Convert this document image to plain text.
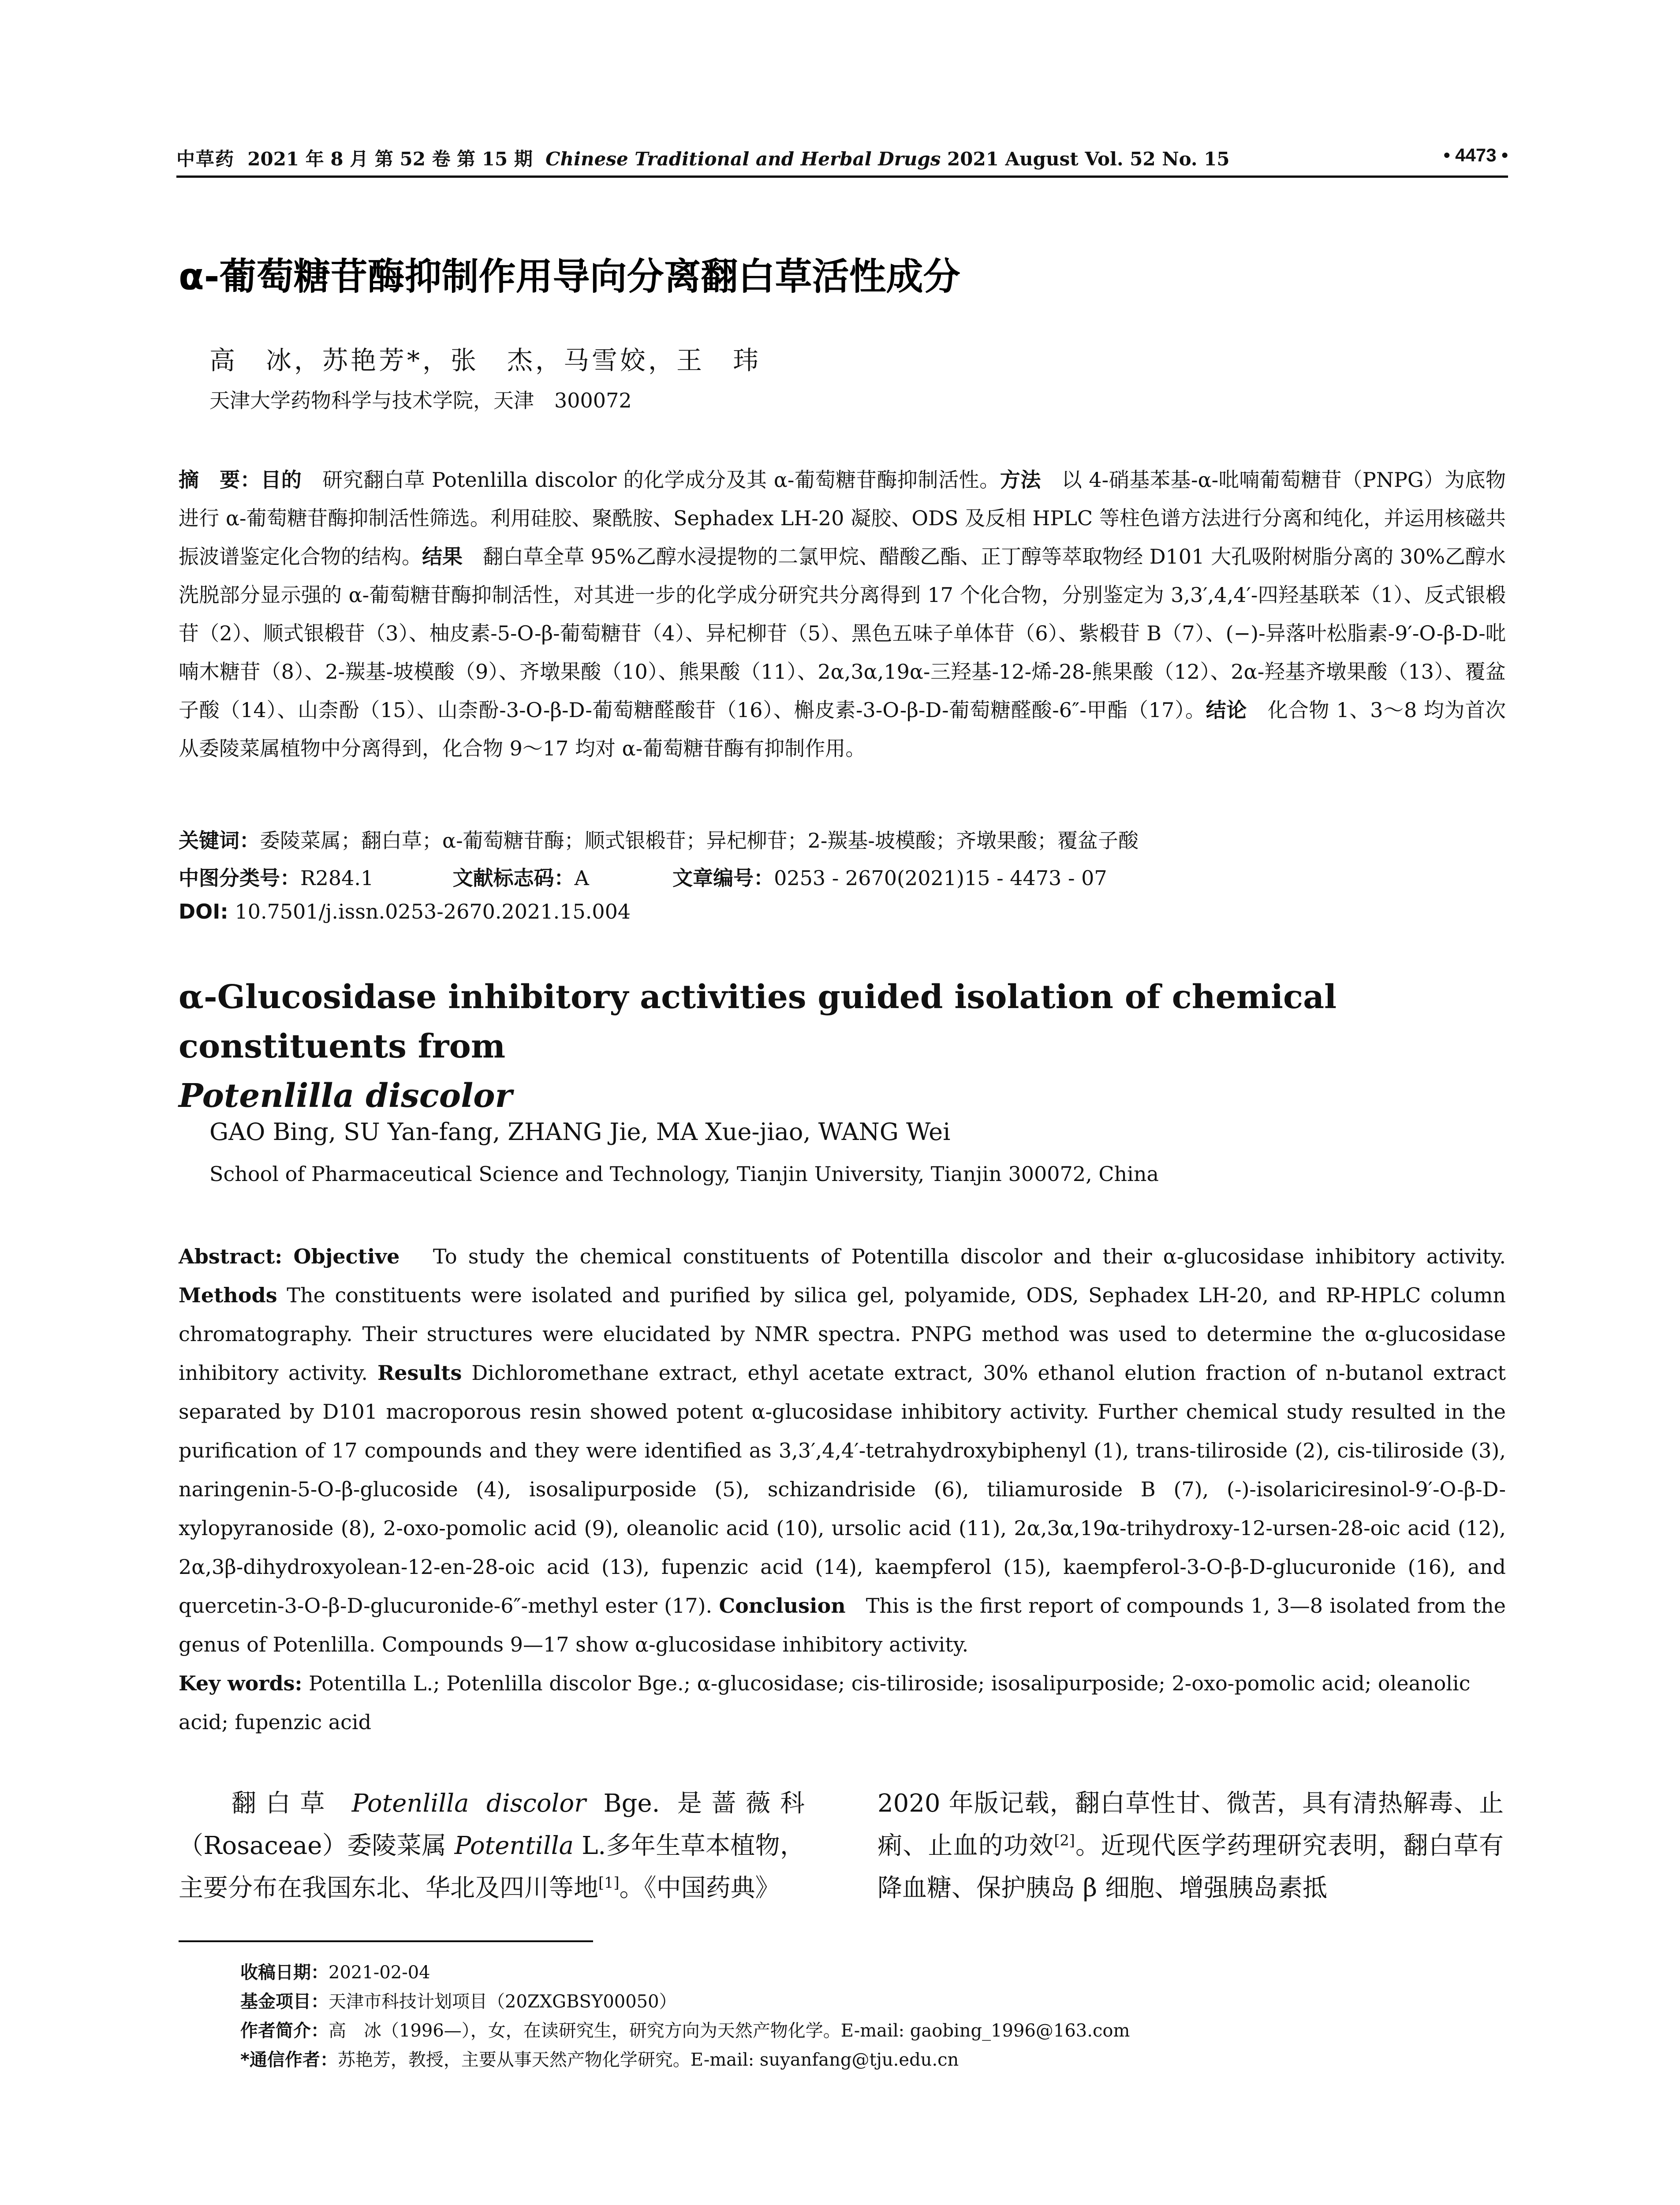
中草药 2021 年 8 月 第 52 卷 第 15 期 Chinese Traditional and Herbal Drugs 2021 August Vol. 52 No. 15	• 4473 •
α-葡萄糖苷酶抑制作用导向分离翻白草活性成分
高　冰，苏艳芳*，张　杰，马雪姣，王　玮
天津大学药物科学与技术学院，天津　300072
摘　要：目的　研究翻白草 Potenlilla discolor 的化学成分及其 α-葡萄糖苷酶抑制活性。方法　以 4-硝基苯基-α-吡喃葡萄糖苷（PNPG）为底物进行 α-葡萄糖苷酶抑制活性筛选。利用硅胶、聚酰胺、Sephadex LH-20 凝胶、ODS 及反相 HPLC 等柱色谱方法进行分离和纯化，并运用核磁共振波谱鉴定化合物的结构。结果　翻白草全草 95%乙醇水浸提物的二氯甲烷、醋酸乙酯、正丁醇等萃取物经 D101 大孔吸附树脂分离的 30%乙醇水洗脱部分显示强的 α-葡萄糖苷酶抑制活性，对其进一步的化学成分研究共分离得到 17 个化合物，分别鉴定为 3,3′,4,4′-四羟基联苯（1）、反式银椴苷（2）、顺式银椴苷（3）、柚皮素-5-O-β-葡萄糖苷（4）、异杞柳苷（5）、黑色五味子单体苷（6）、紫椴苷 B（7）、(−)-异落叶松脂素-9′-O-β-D-吡喃木糖苷（8）、2-羰基-坡模酸（9）、齐墩果酸（10）、熊果酸（11）、2α,3α,19α-三羟基-12-烯-28-熊果酸（12）、2α-羟基齐墩果酸（13）、覆盆子酸（14）、山柰酚（15）、山柰酚-3-O-β-D-葡萄糖醛酸苷（16）、槲皮素-3-O-β-D-葡萄糖醛酸-6″-甲酯（17）。结论　化合物 1、3～8 均为首次从委陵菜属植物中分离得到，化合物 9～17 均对 α-葡萄糖苷酶有抑制作用。
关键词：委陵菜属；翻白草；α-葡萄糖苷酶；顺式银椴苷；异杞柳苷；2-羰基-坡模酸；齐墩果酸；覆盆子酸
中图分类号：R284.1	文献标志码：A	文章编号：0253 - 2670(2021)15 - 4473 - 07
DOI: 10.7501/j.issn.0253-2670.2021.15.004
α-Glucosidase inhibitory activities guided isolation of chemical constituents from
Potenlilla discolor
GAO Bing, SU Yan-fang, ZHANG Jie, MA Xue-jiao, WANG Wei
School of Pharmaceutical Science and Technology, Tianjin University, Tianjin 300072, China
Abstract: Objective To study the chemical constituents of Potentilla discolor and their α-glucosidase inhibitory activity. Methods The constituents were isolated and purified by silica gel, polyamide, ODS, Sephadex LH-20, and RP-HPLC column chromatography. Their structures were elucidated by NMR spectra. PNPG method was used to determine the α-glucosidase inhibitory activity. Results Dichloromethane extract, ethyl acetate extract, 30% ethanol elution fraction of n-butanol extract separated by D101 macroporous resin showed potent α-glucosidase inhibitory activity. Further chemical study resulted in the purification of 17 compounds and they were identified as 3,3′,4,4′-tetrahydroxybiphenyl (1), trans-tiliroside (2), cis-tiliroside (3), naringenin-5-O-β-glucoside (4), isosalipurposide (5), schizandriside (6), tiliamuroside B (7), (-)-isolariciresinol-9′-O-β-D-xylopyranoside (8), 2-oxo-pomolic acid (9), oleanolic acid (10), ursolic acid (11), 2α,3α,19α-trihydroxy-12-ursen-28-oic acid (12), 2α,3β-dihydroxyolean-12-en-28-oic acid (13), fupenzic acid (14), kaempferol (15), kaempferol-3-O-β-D-glucuronide (16), and quercetin-3-O-β-D-glucuronide-6″-methyl ester (17). Conclusion This is the first report of compounds 1, 3—8 isolated from the genus of Potenlilla. Compounds 9—17 show α-glucosidase inhibitory activity.
Key words: Potentilla L.; Potenlilla discolor Bge.; α-glucosidase; cis-tiliroside; isosalipurposide; 2-oxo-pomolic acid; oleanolic acid; fupenzic acid
翻白草 Potenlilla discolor Bge. 是蔷薇科（Rosaceae）委陵菜属 Potentilla L.多年生草本植物，主要分布在我国东北、华北及四川等地[1]。《中国药典》
2020 年版记载，翻白草性甘、微苦，具有清热解毒、止痢、止血的功效[2]。近现代医学药理研究表明，翻白草有降血糖、保护胰岛 β 细胞、增强胰岛素抵
收稿日期：2021-02-04
基金项目：天津市科技计划项目（20ZXGBSY00050）
作者简介：高　冰（1996—），女，在读研究生，研究方向为天然产物化学。E-mail: gaobing_1996@163.com
*通信作者：苏艳芳，教授，主要从事天然产物化学研究。E-mail: suyanfang@tju.edu.cn
